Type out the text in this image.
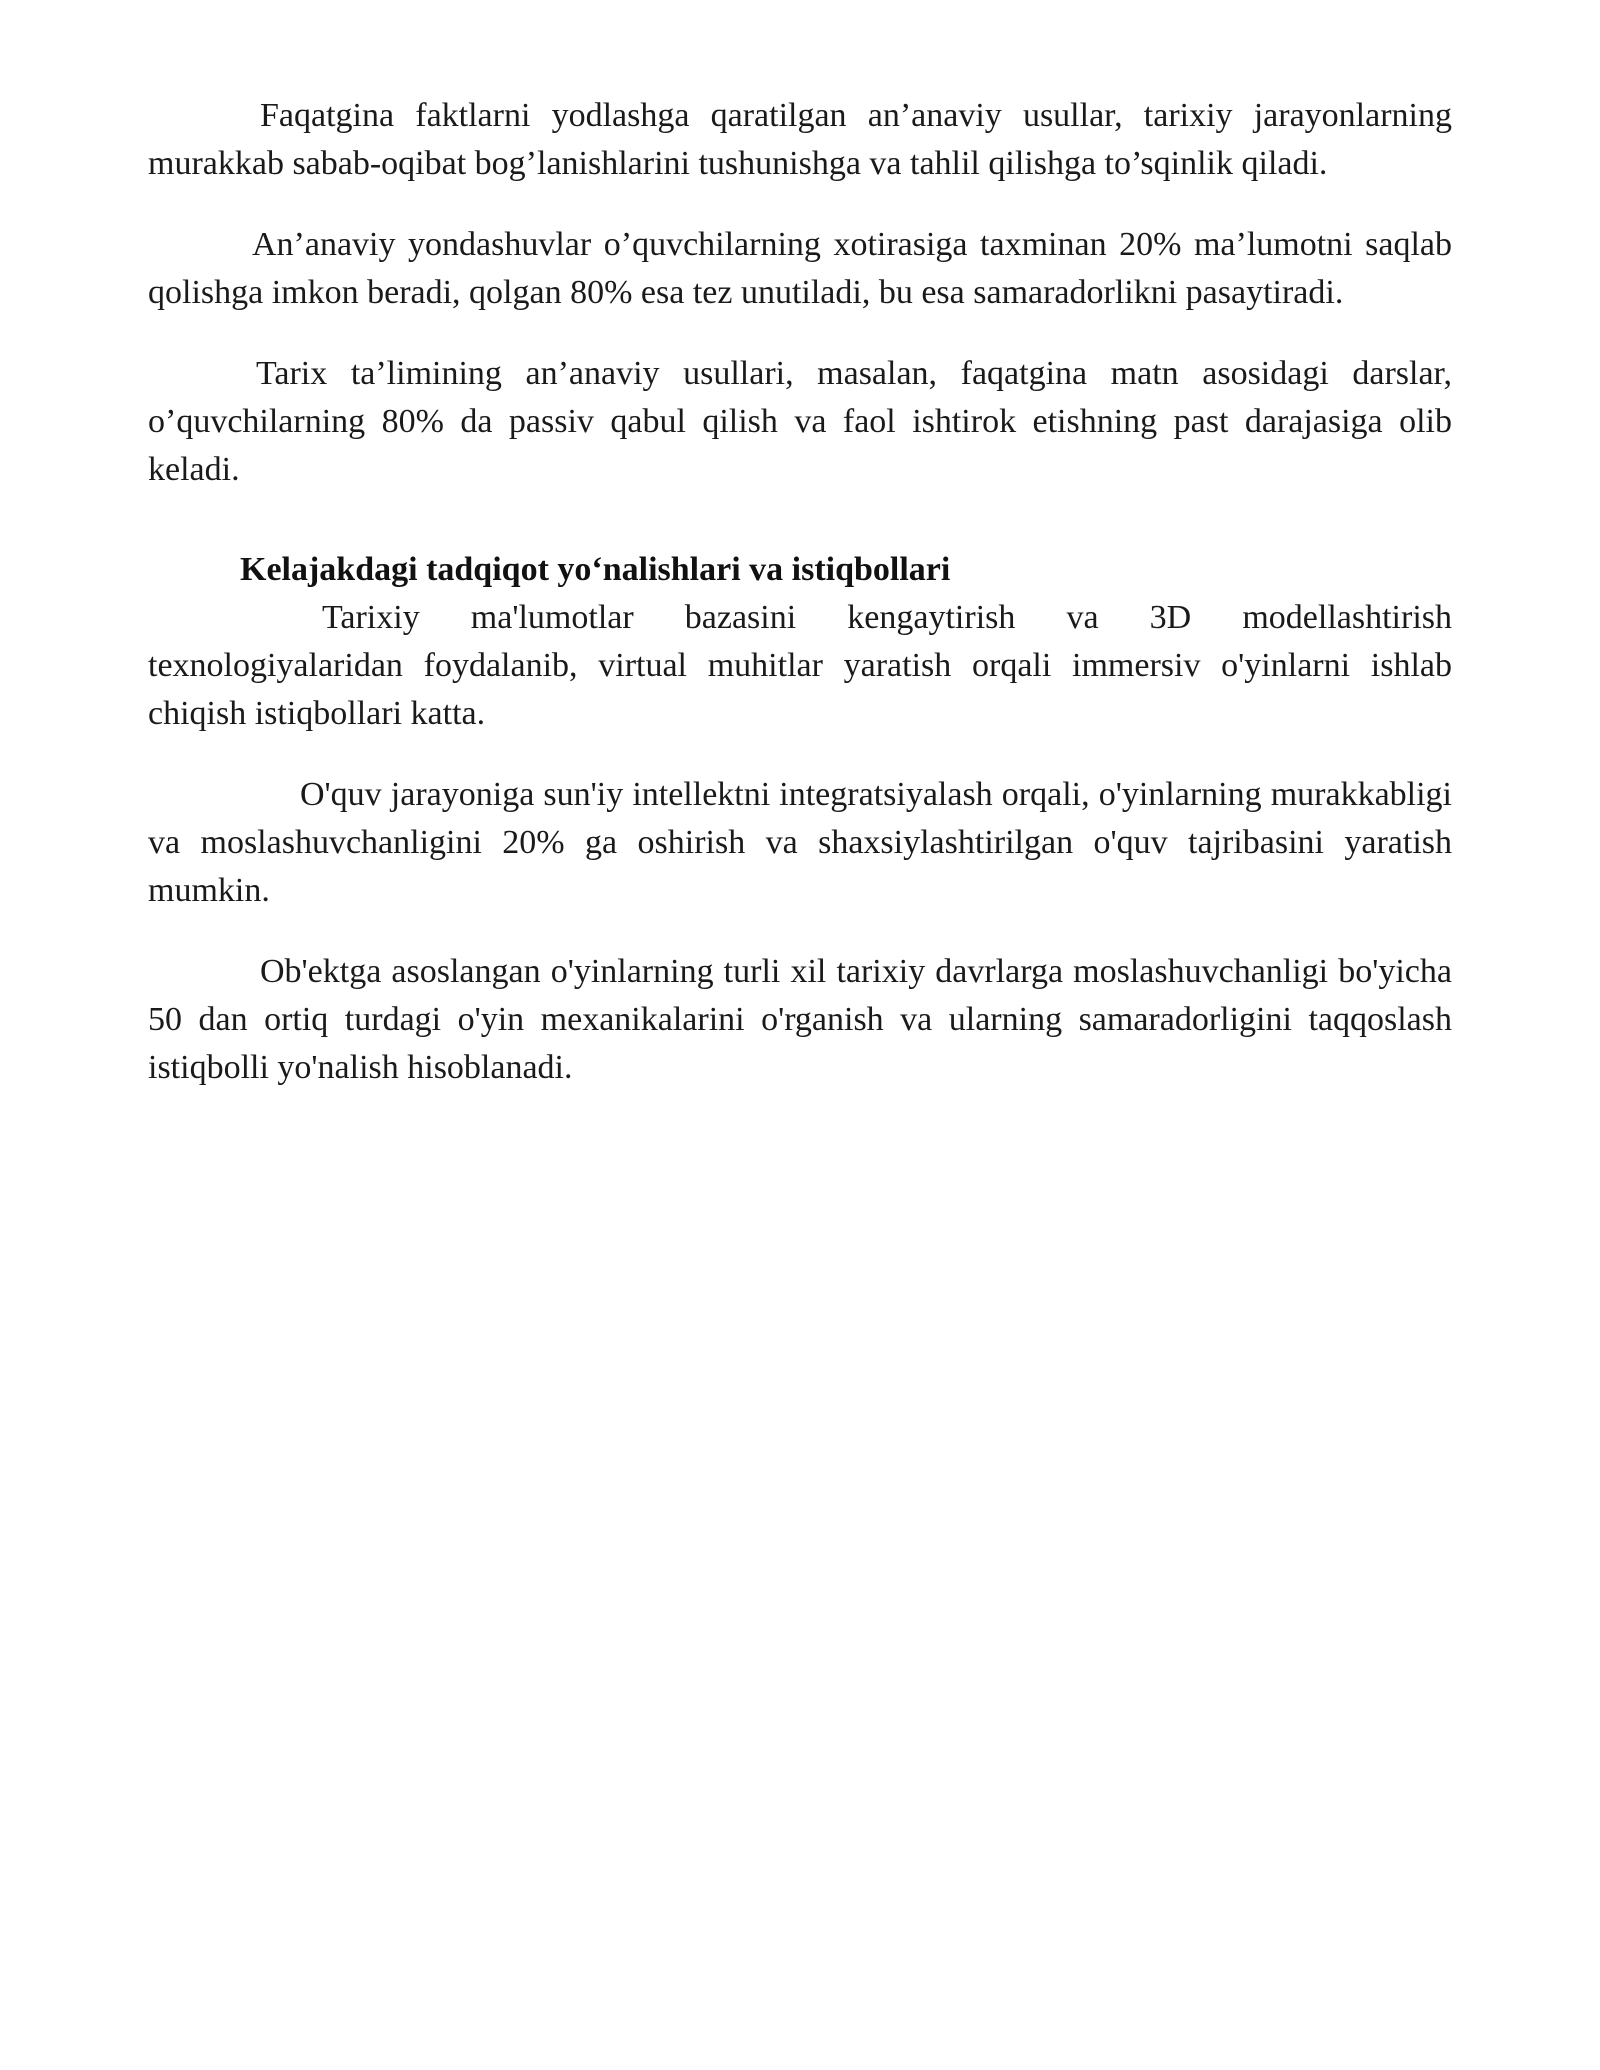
Faqatgina faktlarni yodlashga qaratilgan an’anaviy usullar, tarixiy jarayonlarning murakkab sabab-oqibat bog’lanishlarini tushunishga va tahlil qilishga to’sqinlik qiladi.

An’anaviy yondashuvlar o’quvchilarning xotirasiga taxminan 20% ma’lumotni saqlab qolishga imkon beradi, qolgan 80% esa tez unutiladi, bu esa samaradorlikni pasaytiradi.

Tarix ta’limining an’anaviy usullari, masalan, faqatgina matn asosidagi darslar, o’quvchilarning 80% da passiv qabul qilish va faol ishtirok etishning past darajasiga olib keladi.

Kelajakdagi tadqiqot yo‘nalishlari va istiqbollari

Tarixiy ma'lumotlar bazasini kengaytirish va 3D modellashtirish texnologiyalaridan foydalanib, virtual muhitlar yaratish orqali immersiv o'yinlarni ishlab chiqish istiqbollari katta.

O'quv jarayoniga sun'iy intellektni integratsiyalash orqali, o'yinlarning murakkabligi va moslashuvchanligini 20% ga oshirish va shaxsiylashtirilgan o'quv tajribasini yaratish mumkin.

Ob'ektga asoslangan o'yinlarning turli xil tarixiy davrlarga moslashuvchanligi bo'yicha 50 dan ortiq turdagi o'yin mexanikalarini o'rganish va ularning samaradorligini taqqoslash istiqbolli yo'nalish hisoblanadi.
